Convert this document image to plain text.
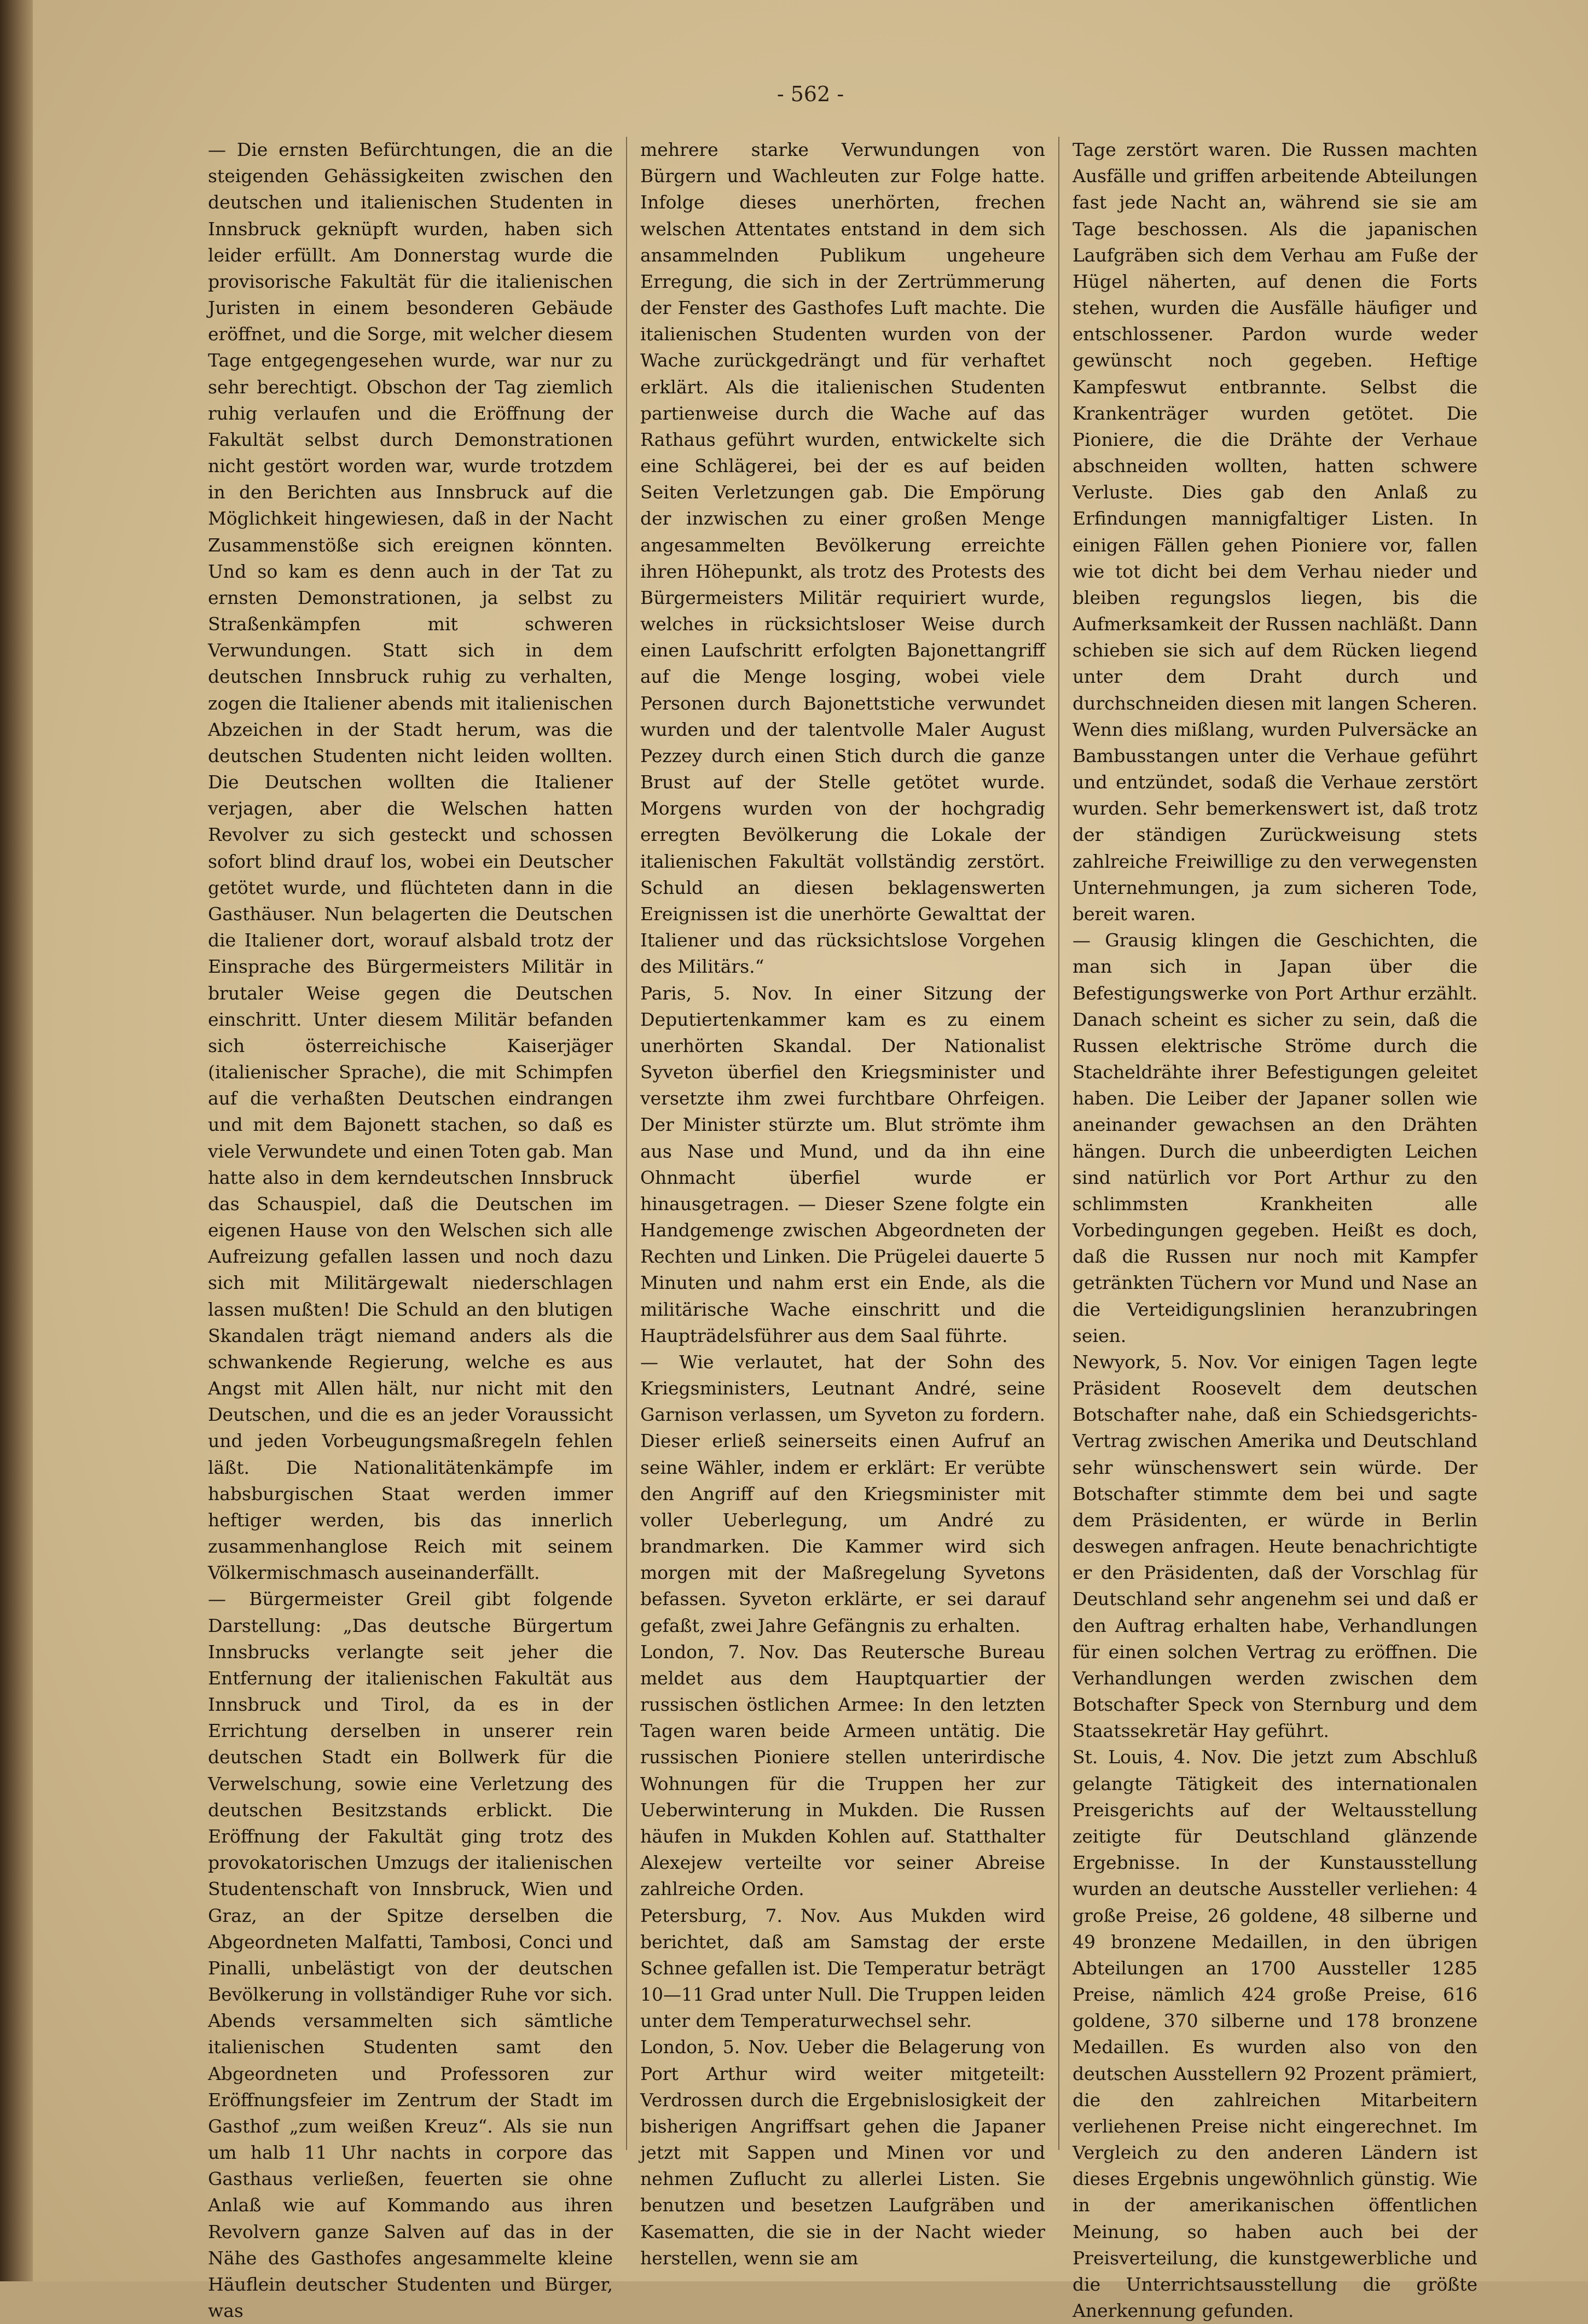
- 562 -

— Die ernsten Befürchtungen, die an die steigenden Gehässigkeiten zwischen den deutschen und italienischen Studenten in Innsbruck geknüpft wurden, haben sich leider erfüllt. Am Donnerstag wurde die provisorische Fakultät für die italienischen Juristen in einem besonderen Gebäude eröffnet, und die Sorge, mit welcher diesem Tage entgegengesehen wurde, war nur zu sehr berechtigt. Obschon der Tag ziemlich ruhig verlaufen und die Eröffnung der Fakultät selbst durch Demonstrationen nicht gestört worden war, wurde trotzdem in den Berichten aus Innsbruck auf die Möglichkeit hingewiesen, daß in der Nacht Zusammenstöße sich ereignen könnten. Und so kam es denn auch in der Tat zu ernsten Demonstrationen, ja selbst zu Straßenkämpfen mit schweren Verwundungen. Statt sich in dem deutschen Innsbruck ruhig zu verhalten, zogen die Italiener abends mit italienischen Abzeichen in der Stadt herum, was die deutschen Studenten nicht leiden wollten. Die Deutschen wollten die Italiener verjagen, aber die Welschen hatten Revolver zu sich gesteckt und schossen sofort blind drauf los, wobei ein Deutscher getötet wurde, und flüchteten dann in die Gasthäuser. Nun belagerten die Deutschen die Italiener dort, worauf alsbald trotz der Einsprache des Bürgermeisters Militär in brutaler Weise gegen die Deutschen einschritt. Unter diesem Militär befanden sich österreichische Kaiserjäger (italienischer Sprache), die mit Schimpfen auf die verhaßten Deutschen eindrangen und mit dem Bajonett stachen, so daß es viele Verwundete und einen Toten gab. Man hatte also in dem kerndeutschen Innsbruck das Schauspiel, daß die Deutschen im eigenen Hause von den Welschen sich alle Aufreizung gefallen lassen und noch dazu sich mit Militärgewalt niederschlagen lassen mußten! Die Schuld an den blutigen Skandalen trägt niemand anders als die schwankende Regierung, welche es aus Angst mit Allen hält, nur nicht mit den Deutschen, und die es an jeder Voraussicht und jeden Vorbeugungsmaßregeln fehlen läßt. Die Nationalitätenkämpfe im habsburgischen Staat werden immer heftiger werden, bis das innerlich zusammenhanglose Reich mit seinem Völkermischmasch auseinanderfällt.

— Bürgermeister Greil gibt folgende Darstellung: „Das deutsche Bürgertum Innsbrucks verlangte seit jeher die Entfernung der italienischen Fakultät aus Innsbruck und Tirol, da es in der Errichtung derselben in unserer rein deutschen Stadt ein Bollwerk für die Verwelschung, sowie eine Verletzung des deutschen Besitzstands erblickt. Die Eröffnung der Fakultät ging trotz des provokatorischen Umzugs der italienischen Studentenschaft von Innsbruck, Wien und Graz, an der Spitze derselben die Abgeordneten Malfatti, Tambosi, Conci und Pinalli, unbelästigt von der deutschen Bevölkerung in vollständiger Ruhe vor sich. Abends versammelten sich sämtliche italienischen Studenten samt den Abgeordneten und Professoren zur Eröffnungsfeier im Zentrum der Stadt im Gasthof „zum weißen Kreuz“. Als sie nun um halb 11 Uhr nachts in corpore das Gasthaus verließen, feuerten sie ohne Anlaß wie auf Kommando aus ihren Revolvern ganze Salven auf das in der Nähe des Gasthofes angesammelte kleine Häuflein deutscher Studenten und Bürger, was

mehrere starke Verwundungen von Bürgern und Wachleuten zur Folge hatte. Infolge dieses unerhörten, frechen welschen Attentates entstand in dem sich ansammelnden Publikum ungeheure Erregung, die sich in der Zertrümmerung der Fenster des Gasthofes Luft machte. Die italienischen Studenten wurden von der Wache zurückgedrängt und für verhaftet erklärt. Als die italienischen Studenten partienweise durch die Wache auf das Rathaus geführt wurden, entwickelte sich eine Schlägerei, bei der es auf beiden Seiten Verletzungen gab. Die Empörung der inzwischen zu einer großen Menge angesammelten Bevölkerung erreichte ihren Höhepunkt, als trotz des Protests des Bürgermeisters Militär requiriert wurde, welches in rücksichtsloser Weise durch einen Laufschritt erfolgten Bajonettangriff auf die Menge losging, wobei viele Personen durch Bajonettstiche verwundet wurden und der talentvolle Maler August Pezzey durch einen Stich durch die ganze Brust auf der Stelle getötet wurde. Morgens wurden von der hochgradig erregten Bevölkerung die Lokale der italienischen Fakultät vollständig zerstört. Schuld an diesen beklagenswerten Ereignissen ist die unerhörte Gewalttat der Italiener und das rücksichtslose Vorgehen des Militärs.“

Paris, 5. Nov. In einer Sitzung der Deputiertenkammer kam es zu einem unerhörten Skandal. Der Nationalist Syveton überfiel den Kriegsminister und versetzte ihm zwei furchtbare Ohrfeigen. Der Minister stürzte um. Blut strömte ihm aus Nase und Mund, und da ihn eine Ohnmacht überfiel wurde er hinausgetragen. — Dieser Szene folgte ein Handgemenge zwischen Abgeordneten der Rechten und Linken. Die Prügelei dauerte 5 Minuten und nahm erst ein Ende, als die militärische Wache einschritt und die Haupträdelsführer aus dem Saal führte.

— Wie verlautet, hat der Sohn des Kriegsministers, Leutnant André, seine Garnison verlassen, um Syveton zu fordern. Dieser erließ seinerseits einen Aufruf an seine Wähler, indem er erklärt: Er verübte den Angriff auf den Kriegsminister mit voller Ueberlegung, um André zu brandmarken. Die Kammer wird sich morgen mit der Maßregelung Syvetons befassen. Syveton erklärte, er sei darauf gefaßt, zwei Jahre Gefängnis zu erhalten.

London, 7. Nov. Das Reutersche Bureau meldet aus dem Hauptquartier der russischen östlichen Armee: In den letzten Tagen waren beide Armeen untätig. Die russischen Pioniere stellen unterirdische Wohnungen für die Truppen her zur Ueberwinterung in Mukden. Die Russen häufen in Mukden Kohlen auf. Statthalter Alexejew verteilte vor seiner Abreise zahlreiche Orden.

Petersburg, 7. Nov. Aus Mukden wird berichtet, daß am Samstag der erste Schnee gefallen ist. Die Temperatur beträgt 10—11 Grad unter Null. Die Truppen leiden unter dem Temperaturwechsel sehr.

London, 5. Nov. Ueber die Belagerung von Port Arthur wird weiter mitgeteilt: Verdrossen durch die Ergebnislosigkeit der bisherigen Angriffsart gehen die Japaner jetzt mit Sappen und Minen vor und nehmen Zuflucht zu allerlei Listen. Sie benutzen und besetzen Laufgräben und Kasematten, die sie in der Nacht wieder herstellen, wenn sie am

Tage zerstört waren. Die Russen machten Ausfälle und griffen arbeitende Abteilungen fast jede Nacht an, während sie sie am Tage beschossen. Als die japanischen Laufgräben sich dem Verhau am Fuße der Hügel näherten, auf denen die Forts stehen, wurden die Ausfälle häufiger und entschlossener. Pardon wurde weder gewünscht noch gegeben. Heftige Kampfeswut entbrannte. Selbst die Krankenträger wurden getötet. Die Pioniere, die die Drähte der Verhaue abschneiden wollten, hatten schwere Verluste. Dies gab den Anlaß zu Erfindungen mannigfaltiger Listen. In einigen Fällen gehen Pioniere vor, fallen wie tot dicht bei dem Verhau nieder und bleiben regungslos liegen, bis die Aufmerksamkeit der Russen nachläßt. Dann schieben sie sich auf dem Rücken liegend unter dem Draht durch und durchschneiden diesen mit langen Scheren. Wenn dies mißlang, wurden Pulversäcke an Bambusstangen unter die Verhaue geführt und entzündet, sodaß die Verhaue zerstört wurden. Sehr bemerkenswert ist, daß trotz der ständigen Zurückweisung stets zahlreiche Freiwillige zu den verwegensten Unternehmungen, ja zum sicheren Tode, bereit waren.

— Grausig klingen die Geschichten, die man sich in Japan über die Befestigungswerke von Port Arthur erzählt. Danach scheint es sicher zu sein, daß die Russen elektrische Ströme durch die Stacheldrähte ihrer Befestigungen geleitet haben. Die Leiber der Japaner sollen wie aneinander gewachsen an den Drähten hängen. Durch die unbeerdigten Leichen sind natürlich vor Port Arthur zu den schlimmsten Krankheiten alle Vorbedingungen gegeben. Heißt es doch, daß die Russen nur noch mit Kampfer getränkten Tüchern vor Mund und Nase an die Verteidigungslinien heranzubringen seien.

Newyork, 5. Nov. Vor einigen Tagen legte Präsident Roosevelt dem deutschen Botschafter nahe, daß ein Schiedsgerichts-Vertrag zwischen Amerika und Deutschland sehr wünschenswert sein würde. Der Botschafter stimmte dem bei und sagte dem Präsidenten, er würde in Berlin deswegen anfragen. Heute benachrichtigte er den Präsidenten, daß der Vorschlag für Deutschland sehr angenehm sei und daß er den Auftrag erhalten habe, Verhandlungen für einen solchen Vertrag zu eröffnen. Die Verhandlungen werden zwischen dem Botschafter Speck von Sternburg und dem Staatssekretär Hay geführt.

St. Louis, 4. Nov. Die jetzt zum Abschluß gelangte Tätigkeit des internationalen Preisgerichts auf der Weltausstellung zeitigte für Deutschland glänzende Ergebnisse. In der Kunstausstellung wurden an deutsche Aussteller verliehen: 4 große Preise, 26 goldene, 48 silberne und 49 bronzene Medaillen, in den übrigen Abteilungen an 1700 Aussteller 1285 Preise, nämlich 424 große Preise, 616 goldene, 370 silberne und 178 bronzene Medaillen. Es wurden also von den deutschen Ausstellern 92 Prozent prämiert, die den zahlreichen Mitarbeitern verliehenen Preise nicht eingerechnet. Im Vergleich zu den anderen Ländern ist dieses Ergebnis ungewöhnlich günstig. Wie in der amerikanischen öffentlichen Meinung, so haben auch bei der Preisverteilung, die kunstgewerbliche und die Unterrichtsausstellung die größte Anerkennung gefunden.
